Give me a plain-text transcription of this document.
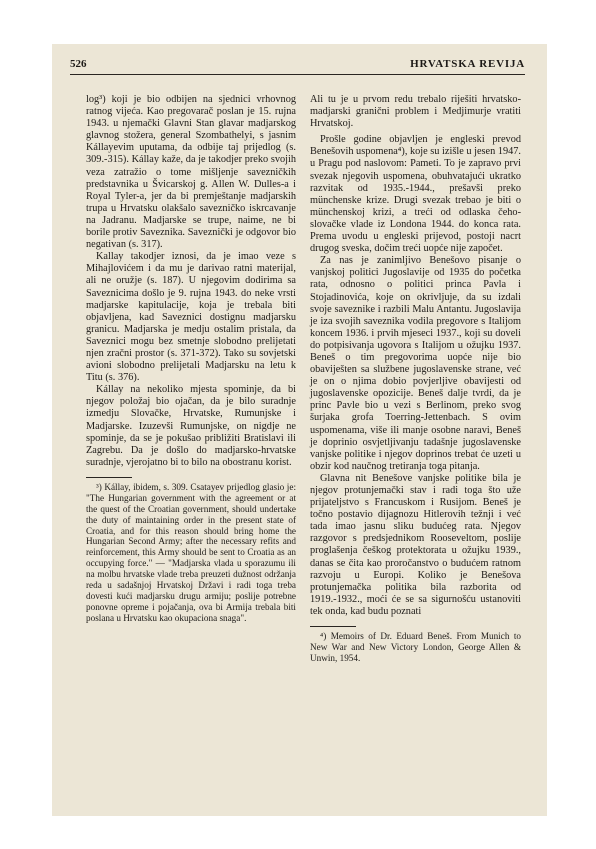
526	HRVATSKA REVIJA

log³) koji je bio odbijen na sjednici vrhovnog ratnog vijeća. Kao pregovarač poslan je 15. rujna 1943. u njemački Glavni Stan glavar madjarskog glavnog stožera, general Szombathelyi, s jasnim Kállayevim uputama, da odbije taj prijedlog (s. 309.-315). Kállay kaže, da je takodjer preko svojih veza zatražio o tome mišljenje savezničkih predstavnika u Švicarskoj g. Allen W. Dulles-a i Royal Tyler-a, jer da bi premještanje madjarskih trupa u Hrvatsku olakšalo savezničko iskrcavanje na Jadranu. Madjarske se trupe, naime, ne bi borile protiv Saveznika. Saveznički je odgovor bio negativan (s. 317).

Kallay takodjer iznosi, da je imao veze s Mihajlovićem i da mu je darivao ratni materijal, ali ne oružje (s. 187). U njegovim dodirima sa Saveznicima došlo je 9. rujna 1943. do neke vrsti madjarske kapitulacije, koja je trebala biti objavljena, kad Saveznici dostignu madjarsku granicu. Madjarska je medju ostalim pristala, da Saveznici mogu bez smetnje slobodno prelijetati njen zračni prostor (s. 371-372). Tako su sovjetski avioni slobodno prelijetali Madjarsku na letu k Titu (s. 376).

Kállay na nekoliko mjesta spominje, da bi njegov položaj bio ojačan, da je bilo suradnje izmedju Slovačke, Hrvatske, Rumunjske i Madjarske. Izuzevši Rumunjske, on nigdje ne spominje, da se je pokušao približiti Bratislavi ili Zagrebu. Da je došlo do madjarsko-hrvatske suradnje, vjerojatno bi to bilo na obostranu korist.

³) Kállay, ibidem, s. 309. Csatayev prijedlog glasio je: "The Hungarian government with the agreement or at the quest of the Croatian government, should undertake the duty of maintaining order in the present state of Croatia, and for this reason should bring home the Hungarian Second Army; after the necessary refits and reinforcement, this Army should be sent to Croatia as an occupying force." — "Madjarska vlada u sporazumu ili na molbu hrvatske vlade treba preuzeti dužnost održanja reda u sadašnjoj Hrvatskoj Državi i radi toga treba dovesti kući madjarsku drugu armiju; poslije potrebne ponovne opreme i pojačanja, ova bi Armija trebala biti poslana u Hrvatsku kao okupaciona snaga".

Ali tu je u prvom redu trebalo riješiti hrvatsko-madjarski granični problem i Medjimurje vratiti Hrvatskoj.

Prošle godine objavljen je engleski prevod Benešovih uspomena⁴), koje su izišle u jesen 1947. u Pragu pod naslovom: Pameti. To je zapravo prvi svezak njegovih uspomena, obuhvatajući ukratko razvitak od 1935.-1944., prešavši preko münchenske krize. Drugi svezak trebao je biti o münchenskoj krizi, a treći od odlaska čeho-slovačke vlade iz Londona 1944. do konca rata. Prema uvodu u engleski prijevod, postoji nacrt drugog sveska, dočim treći uopće nije započet.

Za nas je zanimljivo Benešovo pisanje o vanjskoj politici Jugoslavije od 1935 do početka rata, odnosno o politici princa Pavla i Stojadinovića, koje on okrivljuje, da su izdali svoje saveznike i razbili Malu Antantu. Jugoslavija je iza svojih saveznika vodila pregovore s Italijom koncem 1936. i prvih mjeseci 1937., koji su doveli do potpisivanja ugovora s Italijom u ožujku 1937. Beneš o tim pregovorima uopće nije bio obaviješten sa službene jugoslavenske strane, već je on o njima dobio povjerljive obavijesti od jugoslavenske opozicije. Beneš dalje tvrdi, da je princ Pavle bio u vezi s Berlinom, preko svog šurjaka grofa Toerring-Jettenbach. S ovim uspomenama, više ili manje osobne naravi, Beneš je doprinio osvjetljivanju tadašnje jugoslavenske vanjske politike i njegov doprinos trebat će uzeti u obzir kod naučnog tretiranja toga pitanja.

Glavna nit Benešove vanjske politike bila je njegov protunjemački stav i radi toga što uže prijateljstvo s Francuskom i Rusijom. Beneš je točno postavio dijagnozu Hitlerovih težnji i već tada imao jasnu sliku budućeg rata. Njegov razgovor s predsjednikom Rooseveltom, poslije proglašenja češkog protektorata u ožujku 1939., danas se čita kao proročanstvo o budućem ratnom razvoju u Europi. Koliko je Benešova protunjemačka politika bila razborita od 1919.-1932., moći će se sa sigurnošću ustanoviti tek onda, kad budu poznati

⁴) Memoirs of Dr. Eduard Beneš. From Munich to New War and New Victory London, George Allen & Unwin, 1954.
